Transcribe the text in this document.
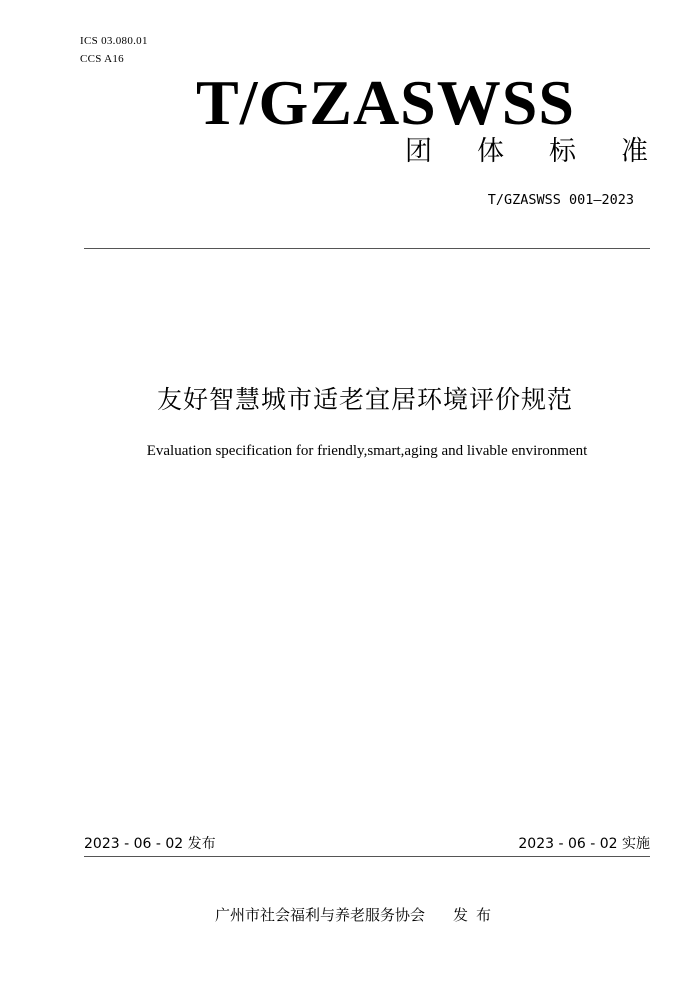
ICS 03.080.01
CCS A16
T/GZASWSS
团体标准
T/GZASWSS 001—2023
友好智慧城市适老宜居环境评价规范
Evaluation specification for friendly,smart,aging and livable environment
2023 - 06 - 02 发布	2023 - 06 - 02 实施
广州市社会福利与养老服务协会 发布
